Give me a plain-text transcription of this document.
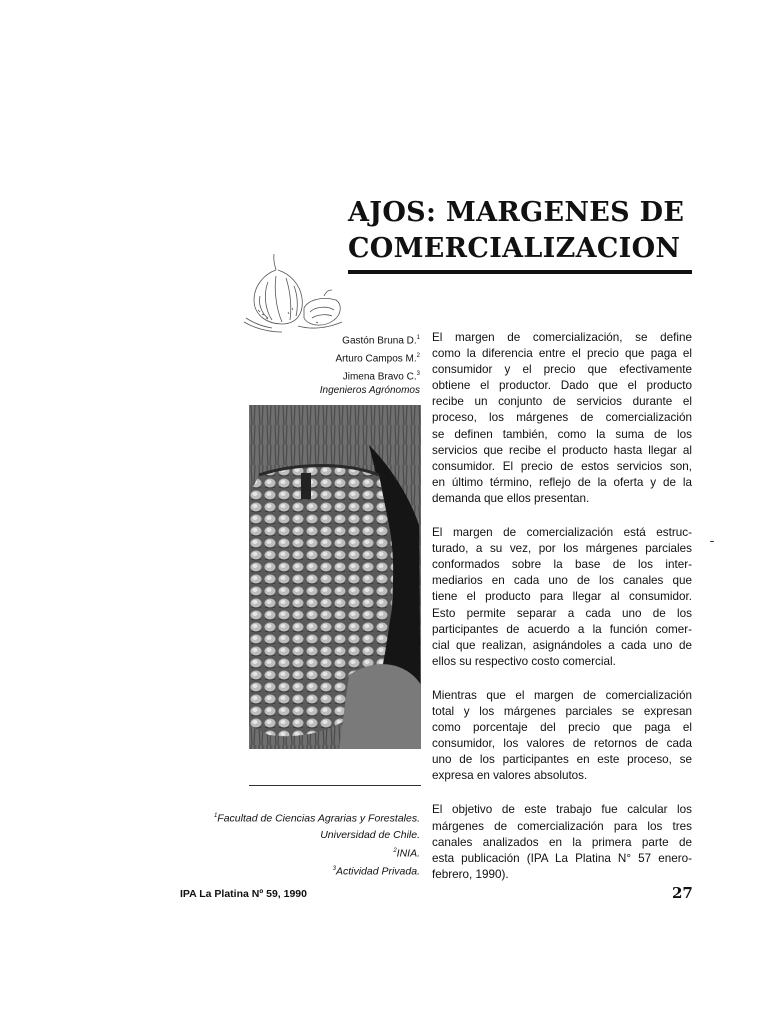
AJOS: MARGENES DE
COMERCIALIZACION
Gastón Bruna D.$^1$
Arturo Campos M.$^2$
Jimena Bravo C.$^3$
Ingenieros Agrónomos
$^1$Facultad de Ciencias Agrarias y Forestales.
Universidad de Chile.
$^2$INIA.
$^3$Actividad Privada.
El margen de comercialización, se define
como la diferencia entre el precio que paga el
consumidor y el precio que efectivamente
obtiene el productor. Dado que el producto
recibe un conjunto de servicios durante el
proceso, los márgenes de comercialización
se definen también, como la suma de los
servicios que recibe el producto hasta llegar al
consumidor. El precio de estos servicios son,
en último término, reflejo de la oferta y de la
demanda que ellos presentan.
El margen de comercialización está estruc-
turado, a su vez, por los márgenes parciales
conformados sobre la base de los inter-
mediarios en cada uno de los canales que
tiene el producto para llegar al consumidor.
Esto permite separar a cada uno de los
participantes de acuerdo a la función comer-
cial que realizan, asignándoles a cada uno de
ellos su respectivo costo comercial.
Mientras que el margen de comercialización
total y los márgenes parciales se expresan
como porcentaje del precio que paga el
consumidor, los valores de retornos de cada
uno de los participantes en este proceso, se
expresa en valores absolutos.
El objetivo de este trabajo fue calcular los
márgenes de comercialización para los tres
canales analizados en la primera parte de
esta publicación (IPA La Platina N° 57 enero-
febrero, 1990).
IPA La Platina Nº 59, 1990	27
